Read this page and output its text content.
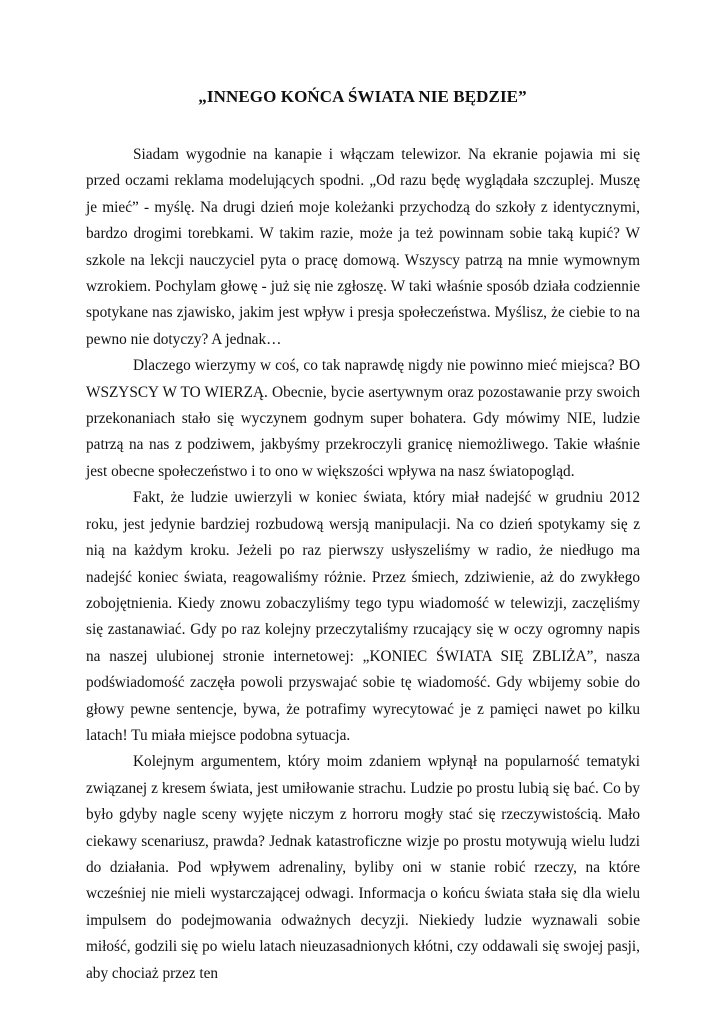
„INNEGO KOŃCA ŚWIATA NIE BĘDZIE”

Siadam wygodnie na kanapie i włączam telewizor. Na ekranie pojawia mi się przed oczami reklama modelujących spodni. „Od razu będę wyglądała szczuplej. Muszę je mieć” - myślę. Na drugi dzień moje koleżanki przychodzą do szkoły z identycznymi, bardzo drogimi torebkami. W takim razie, może ja też powinnam sobie taką kupić? W szkole na lekcji nauczyciel pyta o pracę domową. Wszyscy patrzą na mnie wymownym wzrokiem. Pochylam głowę - już się nie zgłoszę. W taki właśnie sposób działa codziennie spotykane nas zjawisko, jakim jest wpływ i presja społeczeństwa. Myślisz, że ciebie to na pewno nie dotyczy? A jednak…

Dlaczego wierzymy w coś, co tak naprawdę nigdy nie powinno mieć miejsca? BO WSZYSCY W TO WIERZĄ. Obecnie, bycie asertywnym oraz pozostawanie przy swoich przekonaniach stało się wyczynem godnym super bohatera. Gdy mówimy NIE, ludzie patrzą na nas z podziwem, jakbyśmy przekroczyli granicę niemożliwego. Takie właśnie jest obecne społeczeństwo i to ono w większości wpływa na nasz światopogląd.

Fakt, że ludzie uwierzyli w koniec świata, który miał nadejść w grudniu 2012 roku, jest jedynie bardziej rozbudową wersją manipulacji. Na co dzień spotykamy się z nią na każdym kroku. Jeżeli po raz pierwszy usłyszeliśmy w radio, że niedługo ma nadejść koniec świata, reagowaliśmy różnie. Przez śmiech, zdziwienie, aż do zwykłego zobojętnienia. Kiedy znowu zobaczyliśmy tego typu wiadomość w telewizji, zaczęliśmy się zastanawiać. Gdy po raz kolejny przeczytaliśmy rzucający się w oczy ogromny napis na naszej ulubionej stronie internetowej: „KONIEC ŚWIATA SIĘ ZBLIŻA”, nasza podświadomość zaczęła powoli przyswajać sobie tę wiadomość. Gdy wbijemy sobie do głowy pewne sentencje, bywa, że potrafimy wyrecytować je z pamięci nawet po kilku latach! Tu miała miejsce podobna sytuacja.

Kolejnym argumentem, który moim zdaniem wpłynął na popularność tematyki związanej z kresem świata, jest umiłowanie strachu. Ludzie po prostu lubią się bać. Co by było gdyby nagle sceny wyjęte niczym z horroru mogły stać się rzeczywistością. Mało ciekawy scenariusz, prawda? Jednak katastroficzne wizje po prostu motywują wielu ludzi do działania. Pod wpływem adrenaliny, byliby oni w stanie robić rzeczy, na które wcześniej nie mieli wystarczającej odwagi. Informacja o końcu świata stała się dla wielu impulsem do podejmowania odważnych decyzji. Niekiedy ludzie wyznawali sobie miłość, godzili się po wielu latach nieuzasadnionych kłótni, czy oddawali się swojej pasji, aby chociaż przez ten
